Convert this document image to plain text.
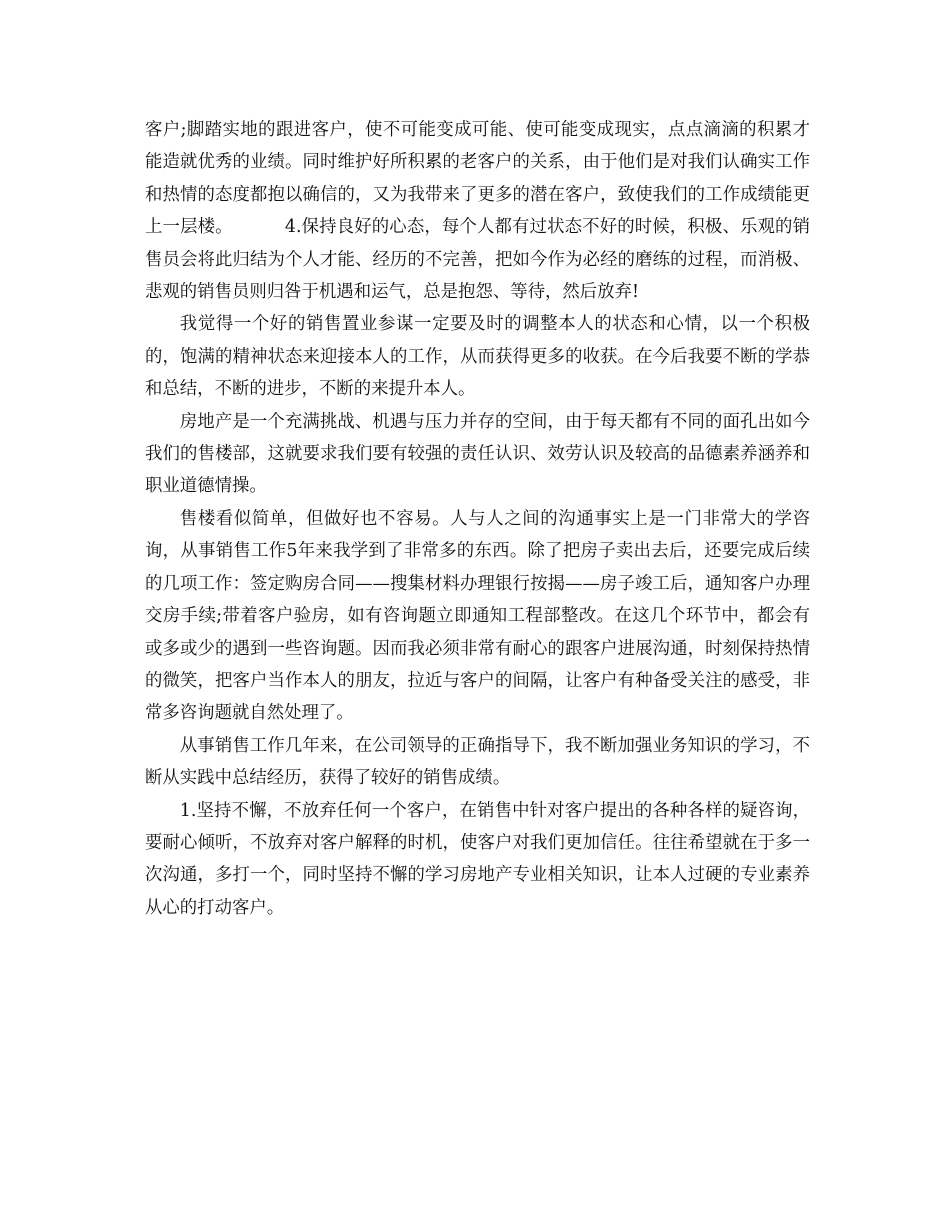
客户;脚踏实地的跟进客户，使不可能变成可能、使可能变成现实，点点滴滴的积累才能造就优秀的业绩。同时维护好所积累的老客户的关系，由于他们是对我们认确实工作和热情的态度都抱以确信的，又为我带来了更多的潜在客户，致使我们的工作成绩能更上一层楼。	4.保持良好的心态，每个人都有过状态不好的时候，积极、乐观的销售员会将此归结为个人才能、经历的不完善，把如今作为必经的磨练的过程，而消极、悲观的销售员则归咎于机遇和运气，总是抱怨、等待，然后放弃!

我觉得一个好的销售置业参谋一定要及时的调整本人的状态和心情，以一个积极的，饱满的精神状态来迎接本人的工作，从而获得更多的收获。在今后我要不断的学恭和总结，不断的进步，不断的来提升本人。

房地产是一个充满挑战、机遇与压力并存的空间，由于每天都有不同的面孔出如今我们的售楼部，这就要求我们要有较强的责任认识、效劳认识及较高的品德素养涵养和职业道德情操。

售楼看似简单，但做好也不容易。人与人之间的沟通事实上是一门非常大的学咨询，从事销售工作5年来我学到了非常多的东西。除了把房子卖出去后，还要完成后续的几项工作：签定购房合同——搜集材料办理银行按揭——房子竣工后，通知客户办理交房手续;带着客户验房，如有咨询题立即通知工程部整改。在这几个环节中，都会有或多或少的遇到一些咨询题。因而我必须非常有耐心的跟客户进展沟通，时刻保持热情的微笑，把客户当作本人的朋友，拉近与客户的间隔，让客户有种备受关注的感受，非常多咨询题就自然处理了。

从事销售工作几年来，在公司领导的正确指导下，我不断加强业务知识的学习，不断从实践中总结经历，获得了较好的销售成绩。

1.坚持不懈，不放弃任何一个客户，在销售中针对客户提出的各种各样的疑咨询，要耐心倾听，不放弃对客户解释的时机，使客户对我们更加信任。往往希望就在于多一次沟通，多打一个，同时坚持不懈的学习房地产专业相关知识，让本人过硬的专业素养从心的打动客户。
